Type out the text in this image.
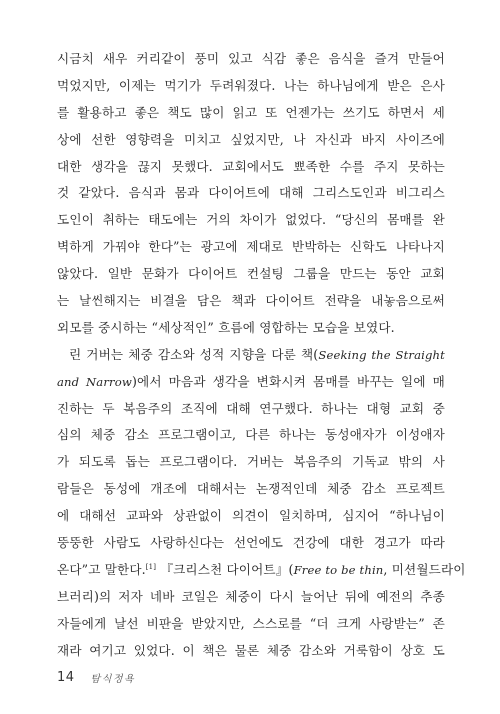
시금치 새우 커리같이 풍미 있고 식감 좋은 음식을 즐겨 만들어
먹었지만, 이제는 먹기가 두려워졌다. 나는 하나님에게 받은 은사
를 활용하고 좋은 책도 많이 읽고 또 언젠가는 쓰기도 하면서 세
상에 선한 영향력을 미치고 싶었지만, 나 자신과 바지 사이즈에
대한 생각을 끊지 못했다. 교회에서도 뾰족한 수를 주지 못하는
것 같았다. 음식과 몸과 다이어트에 대해 그리스도인과 비그리스
도인이 취하는 태도에는 거의 차이가 없었다. “당신의 몸매를 완
벽하게 가꿔야 한다”는 광고에 제대로 반박하는 신학도 나타나지
않았다. 일반 문화가 다이어트 컨설팅 그룹을 만드는 동안 교회
는 날씬해지는 비결을 담은 책과 다이어트 전략을 내놓음으로써
외모를 중시하는 “세상적인” 흐름에 영합하는 모습을 보였다.
린 거버는 체중 감소와 성적 지향을 다룬 책(Seeking the Straight
and Narrow)에서 마음과 생각을 변화시켜 몸매를 바꾸는 일에 매
진하는 두 복음주의 조직에 대해 연구했다. 하나는 대형 교회 중
심의 체중 감소 프로그램이고, 다른 하나는 동성애자가 이성애자
가 되도록 돕는 프로그램이다. 거버는 복음주의 기독교 밖의 사
람들은 동성에 개조에 대해서는 논쟁적인데 체중 감소 프로젝트
에 대해선 교파와 상관없이 의견이 일치하며, 심지어 “하나님이
뚱뚱한 사람도 사랑하신다는 선언에도 건강에 대한 경고가 따라
온다”고 말한다.[1] 『크리스천 다이어트』(Free to be thin, 미션월드라이
브러리)의 저자 네바 코일은 체중이 다시 늘어난 뒤에 예전의 추종
자들에게 날선 비판을 받았지만, 스스로를 “더 크게 사랑받는” 존
재라 여기고 있었다. 이 책은 물론 체중 감소와 거룩함이 상호 도
14 탐식정욕
